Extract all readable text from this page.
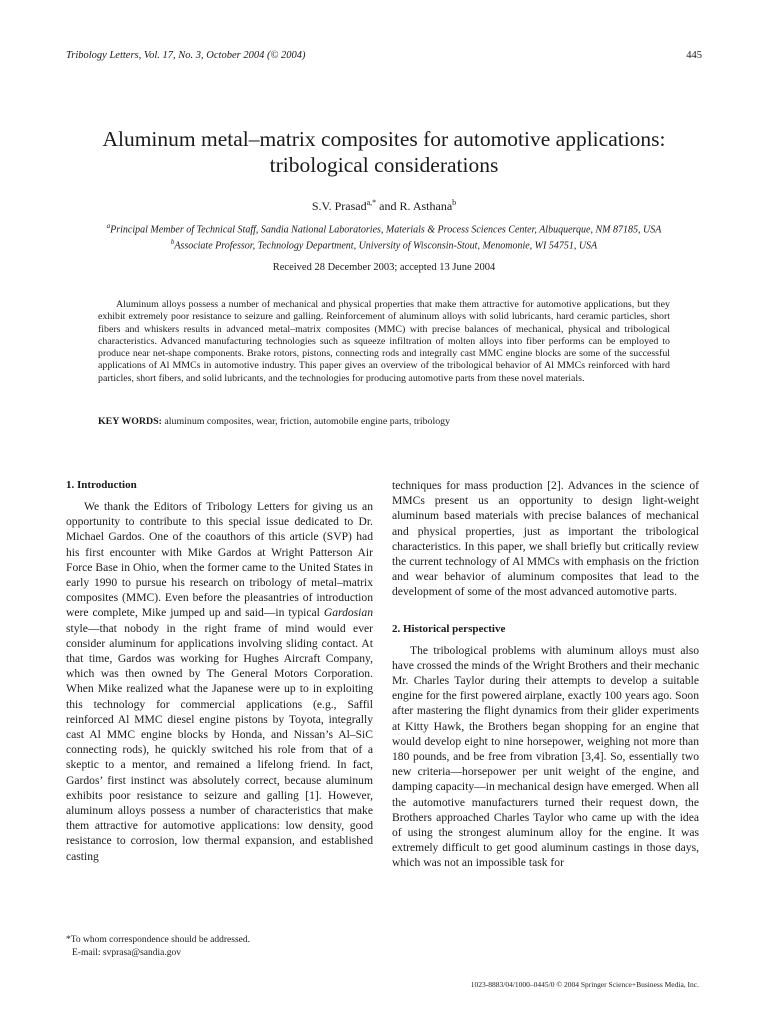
Tribology Letters, Vol. 17, No. 3, October 2004 (© 2004)	445
Aluminum metal–matrix composites for automotive applications:
tribological considerations
S.V. Prasad$^{a,*}$ and R. Asthana$^b$
$^a$Principal Member of Technical Staff, Sandia National Laboratories, Materials & Process Sciences Center, Albuquerque, NM 87185, USA
$^b$Associate Professor, Technology Department, University of Wisconsin-Stout, Menomonie, WI 54751, USA
Received 28 December 2003; accepted 13 June 2004

Aluminum alloys possess a number of mechanical and physical properties that make them attractive for automotive applications, but they exhibit extremely poor resistance to seizure and galling. Reinforcement of aluminum alloys with solid lubricants, hard ceramic particles, short fibers and whiskers results in advanced metal–matrix composites (MMC) with precise balances of mechanical, physical and tribological characteristics. Advanced manufacturing technologies such as squeeze infiltration of molten alloys into fiber performs can be employed to produce near net-shape components. Brake rotors, pistons, connecting rods and integrally cast MMC engine blocks are some of the successful applications of Al MMCs in automotive industry. This paper gives an overview of the tribological behavior of Al MMCs reinforced with hard particles, short fibers, and solid lubricants, and the technologies for producing automotive parts from these novel materials.

KEY WORDS: aluminum composites, wear, friction, automobile engine parts, tribology
1. Introduction

We thank the Editors of Tribology Letters for giving us an opportunity to contribute to this special issue dedicated to Dr. Michael Gardos. One of the coauthors of this article (SVP) had his first encounter with Mike Gardos at Wright Patterson Air Force Base in Ohio, when the former came to the United States in early 1990 to pursue his research on tribology of metal–matrix composites (MMC). Even before the pleasantries of introduction were complete, Mike jumped up and said—in typical Gardosian style—that nobody in the right frame of mind would ever consider aluminum for applications involving sliding contact. At that time, Gardos was working for Hughes Aircraft Company, which was then owned by The General Motors Corporation. When Mike realized what the Japanese were up to in exploiting this technology for commercial applications (e.g., Saffil reinforced Al MMC diesel engine pistons by Toyota, integrally cast Al MMC engine blocks by Honda, and Nissan’s Al–SiC connecting rods), he quickly switched his role from that of a skeptic to a mentor, and remained a lifelong friend. In fact, Gardos’ first instinct was absolutely correct, because aluminum exhibits poor resistance to seizure and galling [1]. However, aluminum alloys possess a number of characteristics that make them attractive for automotive applications: low density, good resistance to corrosion, low thermal expansion, and established casting

techniques for mass production [2]. Advances in the science of MMCs present us an opportunity to design light-weight aluminum based materials with precise balances of mechanical and physical properties, just as important the tribological characteristics. In this paper, we shall briefly but critically review the current technology of Al MMCs with emphasis on the friction and wear behavior of aluminum composites that lead to the development of some of the most advanced automotive parts.

2. Historical perspective

The tribological problems with aluminum alloys must also have crossed the minds of the Wright Brothers and their mechanic Mr. Charles Taylor during their attempts to develop a suitable engine for the first powered airplane, exactly 100 years ago. Soon after mastering the flight dynamics from their glider experiments at Kitty Hawk, the Brothers began shopping for an engine that would develop eight to nine horsepower, weighing not more than 180 pounds, and be free from vibration [3,4]. So, essentially two new criteria—horsepower per unit weight of the engine, and damping capacity—in mechanical design have emerged. When all the automotive manufacturers turned their request down, the Brothers approached Charles Taylor who came up with the idea of using the strongest aluminum alloy for the engine. It was extremely difficult to get good aluminum castings in those days, which was not an impossible task for

*To whom correspondence should be addressed.
E-mail: svprasa@sandia.gov
1023-8883/04/1000–0445/0 © 2004 Springer Science+Business Media, Inc.
